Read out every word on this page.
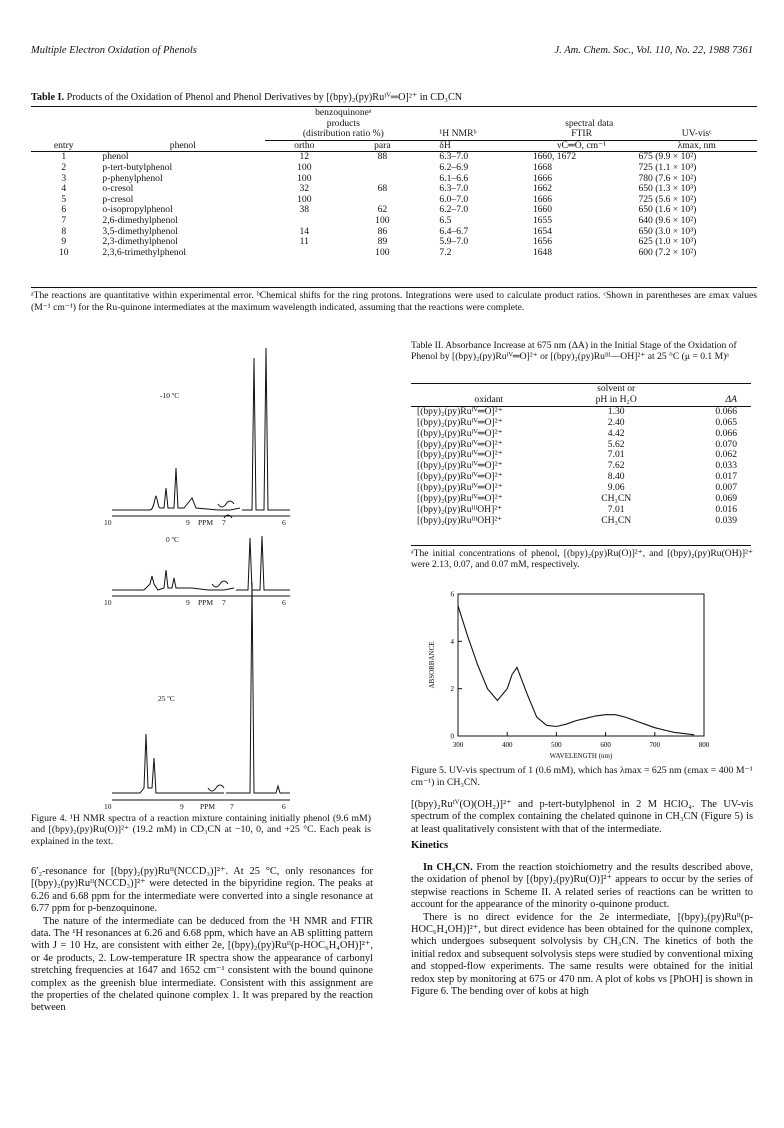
Multiple Electron Oxidation of Phenols	J. Am. Chem. Soc., Vol. 110, No. 22, 1988 7361
Table I. Products of the Oxidation of Phenol and Phenol Derivatives by [(bpy)₂(py)Ruᴵⱽ═O]²⁺ in CD₃CN
		benzoquinoneᵃ				
		products		spectral data		
		(distribution ratio %)		¹H NMRᵇ	FTIR	UV-visᶜ
entry	phenol	ortho	para	δH	νC═O, cm⁻¹	λmax, nm
1	phenol	12	88	6.3–7.0	1660, 1672	675 (9.9 × 10²)
2	p-tert-butylphenol	100		6.2–6.9	1668	725 (1.1 × 10³)
3	p-phenylphenol	100		6.1–6.6	1666	780 (7.6 × 10²)
4	o-cresol	32	68	6.3–7.0	1662	650 (1.3 × 10³)
5	p-cresol	100		6.0–7.0	1666	725 (5.6 × 10²)
6	o-isopropylphenol	38	62	6.2–7.0	1660	650 (1.6 × 10³)
7	2,6-dimethylphenol		100	6.5	1655	640 (9.6 × 10²)
8	3,5-dimethylphenol	14	86	6.4–6.7	1654	650 (3.0 × 10³)
9	2,3-dimethylphenol	11	89	5.9–7.0	1656	625 (1.0 × 10³)
10	2,3,6-trimethylphenol		100	7.2	1648	600 (7.2 × 10²)
ᵃThe reactions are quantitative within experimental error. ᵇChemical shifts for the ring protons. Integrations were used to calculate product ratios. ᶜShown in parentheses are εmax values (M⁻¹ cm⁻¹) for the Ru-quinone intermediates at the maximum wavelength indicated, assuming that the reactions were complete.
-10 ºC
0 ºC
25 ºC
10	9 PPM 7	6
10	9 PPM 7	6
10	9 PPM 7	6
Figure 4. ¹H NMR spectra of a reaction mixture containing initially phenol (9.6 mM) and [(bpy)₂(py)Ru(O)]²⁺ (19.2 mM) in CD₃CN at −10, 0, and +25 °C. Each peak is explained in the text.
Table II. Absorbance Increase at 675 nm (ΔA) in the Initial Stage of the Oxidation of Phenol by [(bpy)₂(py)Ruᴵⱽ═O]²⁺ or [(bpy)₂(py)Ruᴵᴵᴵ—OH]²⁺ at 25 °C (μ = 0.1 M)ᵃ
	solvent or	
oxidant	pH in H₂O	ΔA
[(bpy)₂(py)Ruᴵⱽ═O]²⁺	1.30	0.066
[(bpy)₂(py)Ruᴵⱽ═O]²⁺	2.40	0.065
[(bpy)₂(py)Ruᴵⱽ═O]²⁺	4.42	0.066
[(bpy)₂(py)Ruᴵⱽ═O]²⁺	5.62	0.070
[(bpy)₂(py)Ruᴵⱽ═O]²⁺	7.01	0.062
[(bpy)₂(py)Ruᴵⱽ═O]²⁺	7.62	0.033
[(bpy)₂(py)Ruᴵⱽ═O]²⁺	8.40	0.017
[(bpy)₂(py)Ruᴵⱽ═O]²⁺	9.06	0.007
[(bpy)₂(py)Ruᴵⱽ═O]²⁺	CH₃CN	0.069
[(bpy)₂(py)RuᴵᴵᴵOH]²⁺	7.01	0.016
[(bpy)₂(py)RuᴵᴵᴵOH]²⁺	CH₃CN	0.039
ᵃThe initial concentrations of phenol, [(bpy)₂(py)Ru(O)]²⁺, and [(bpy)₂(py)Ru(OH)]²⁺ were 2.13, 0.07, and 0.07 mM, respectively.
300	400	500	600	700	800
0
2
4
6
WAVELENGTH (nm)
ABSORBANCE
Figure 5. UV-vis spectrum of 1 (0.6 mM), which has λmax = 625 nm (εmax = 400 M⁻¹ cm⁻¹) in CH₃CN.

6′₂-resonance for [(bpy)₂(py)Ruᴵᴵ(NCCD₃)]²⁺. At 25 °C, only resonances for [(bpy)₂(py)Ruᴵᴵ(NCCD₃)]²⁺ were detected in the bipyridine region. The peaks at 6.26 and 6.68 ppm for the intermediate were converted into a single resonance at 6.77 ppm for p-benzoquinone.

The nature of the intermediate can be deduced from the ¹H NMR and FTIR data. The ¹H resonances at 6.26 and 6.68 ppm, which have an AB splitting pattern with J = 10 Hz, are consistent with either 2e, [(bpy)₂(py)Ruᴵᴵ(p-HOC₆H₄OH)]²⁺, or 4e products, 2. Low-temperature IR spectra show the appearance of carbonyl stretching frequencies at 1647 and 1652 cm⁻¹ consistent with the bound quinone complex as the greenish blue intermediate. Consistent with this assignment are the properties of the chelated quinone complex 1. It was prepared by the reaction between

[(bpy)₂Ruᴵⱽ(O)(OH₂)]²⁺ and p-tert-butylphenol in 2 M HClO₄. The UV-vis spectrum of the complex containing the chelated quinone in CH₃CN (Figure 5) is at least qualitatively consistent with that of the intermediate.

Kinetics

In CH₃CN. From the reaction stoichiometry and the results described above, the oxidation of phenol by [(bpy)₂(py)Ru(O)]²⁺ appears to occur by the series of stepwise reactions in Scheme II. A related series of reactions can be written to account for the appearance of the minority o-quinone product.

There is no direct evidence for the 2e intermediate, [(bpy)₂(py)Ruᴵᴵ(p-HOC₆H₄OH)]²⁺, but direct evidence has been obtained for the quinone complex, which undergoes subsequent solvolysis by CH₃CN. The kinetics of both the initial redox and subsequent solvolysis steps were studied by conventional mixing and stopped-flow experiments. The same results were obtained for the initial redox step by monitoring at 675 or 470 nm. A plot of kobs vs [PhOH] is shown in Figure 6. The bending over of kobs at high
